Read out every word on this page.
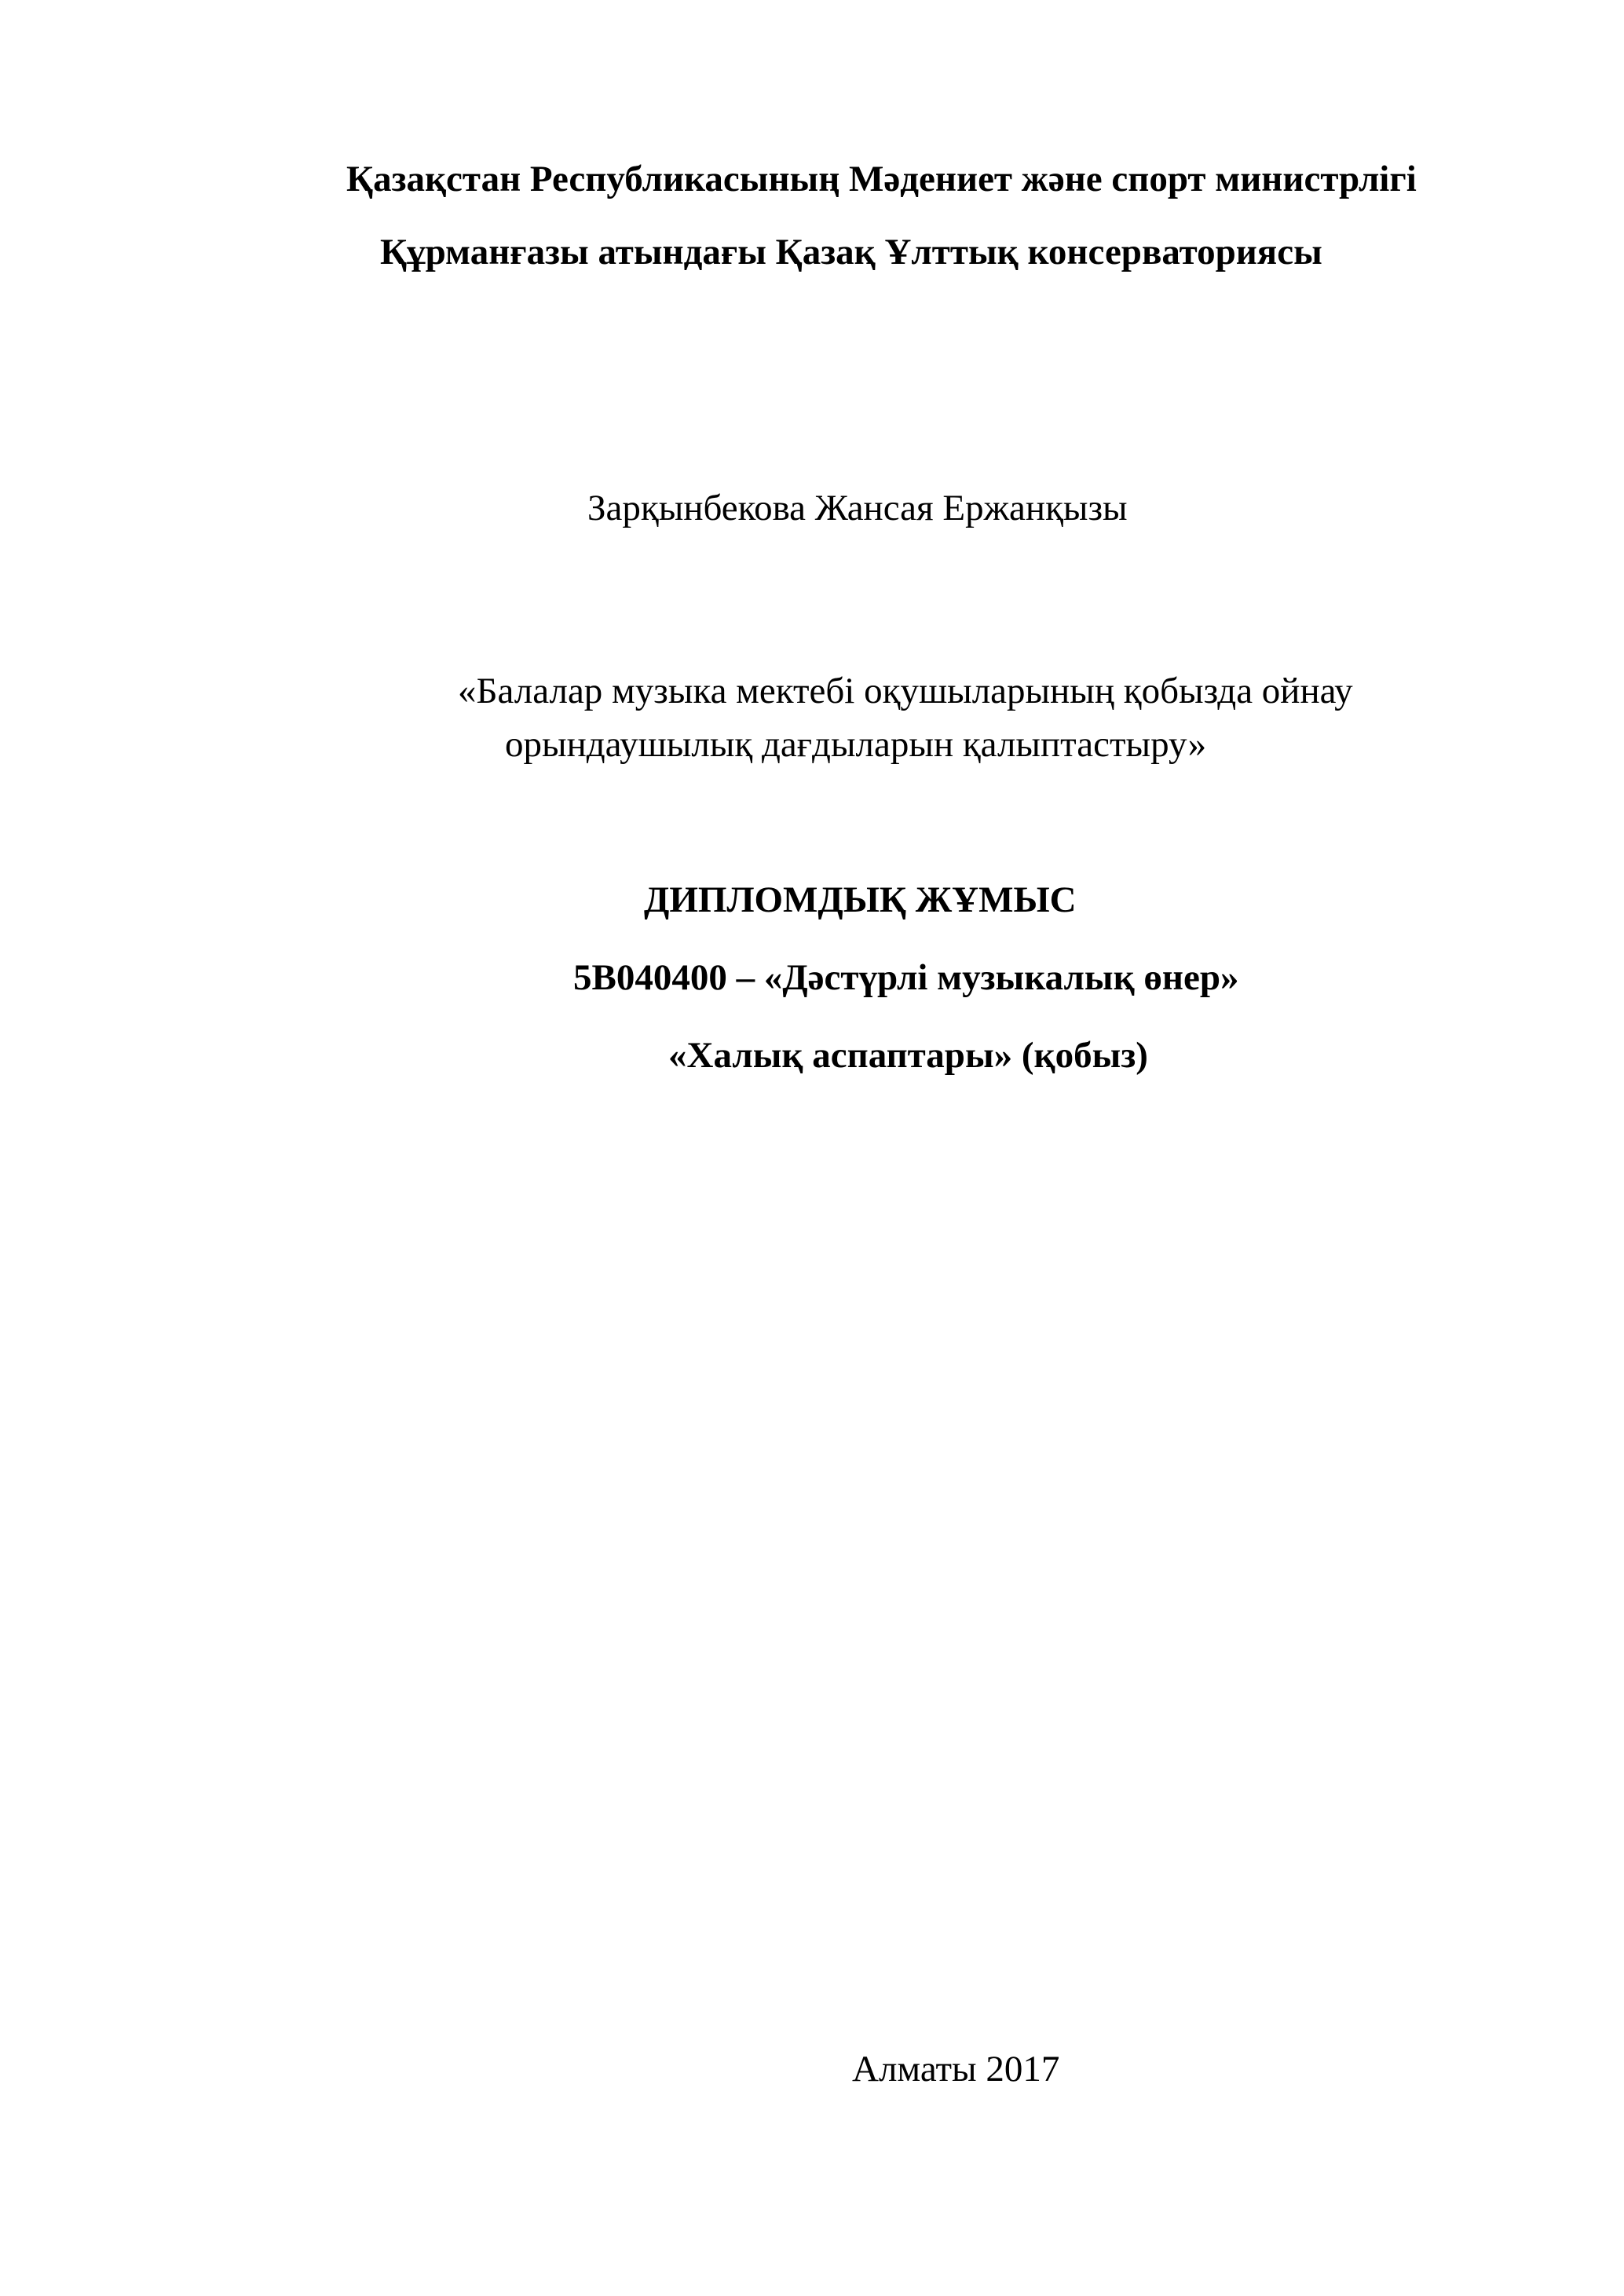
Қазақстан Республикасының Мәдениет және спорт министрлігі
Құрманғазы атындағы Қазақ Ұлттық консерваториясы
Зарқынбекова Жансая Ержанқызы
«Балалар музыка мектебі оқушыларының қобызда ойнау
орындаушылық дағдыларын қалыптастыру»
ДИПЛОМДЫҚ ЖҰМЫС
5В040400 – «Дәстүрлі музыкалық өнер»
«Халық аспаптары» (қобыз)
Алматы 2017
